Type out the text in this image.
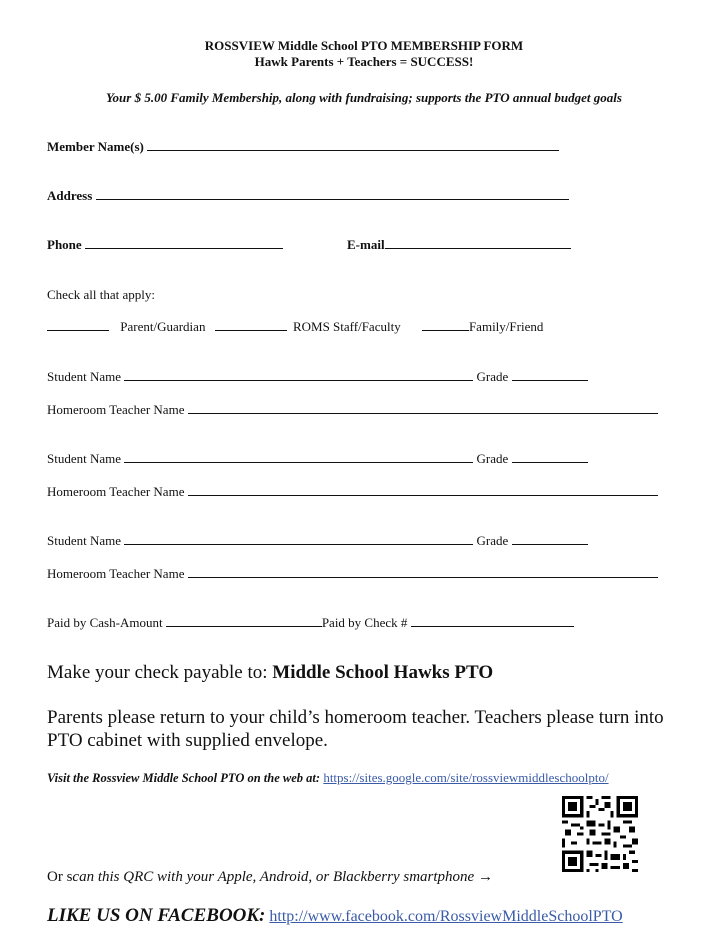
ROSSVIEW Middle School PTO MEMBERSHIP FORM
Hawk Parents + Teachers = SUCCESS!
Your $ 5.00 Family Membership, along with fundraising; supports the PTO annual budget goals
Member Name(s)
Address
Phone	E-mail
Check all that apply:
Parent/Guardian	ROMS Staff/Faculty	Family/Friend
Student Name	Grade
Homeroom Teacher Name
Student Name	Grade
Homeroom Teacher Name
Student Name	Grade
Homeroom Teacher Name
Paid by Cash-Amount	Paid by Check #
Make your check payable to: Middle School Hawks PTO
Parents please return to your child’s homeroom teacher. Teachers please turn into
PTO cabinet with supplied envelope.
Visit the Rossview Middle School PTO on the web at: https://sites.google.com/site/rossviewmiddleschoolpto/
Or scan this QRC with your Apple, Android, or Blackberry smartphone →
LIKE US ON FACEBOOK: http://www.facebook.com/RossviewMiddleSchoolPTO
